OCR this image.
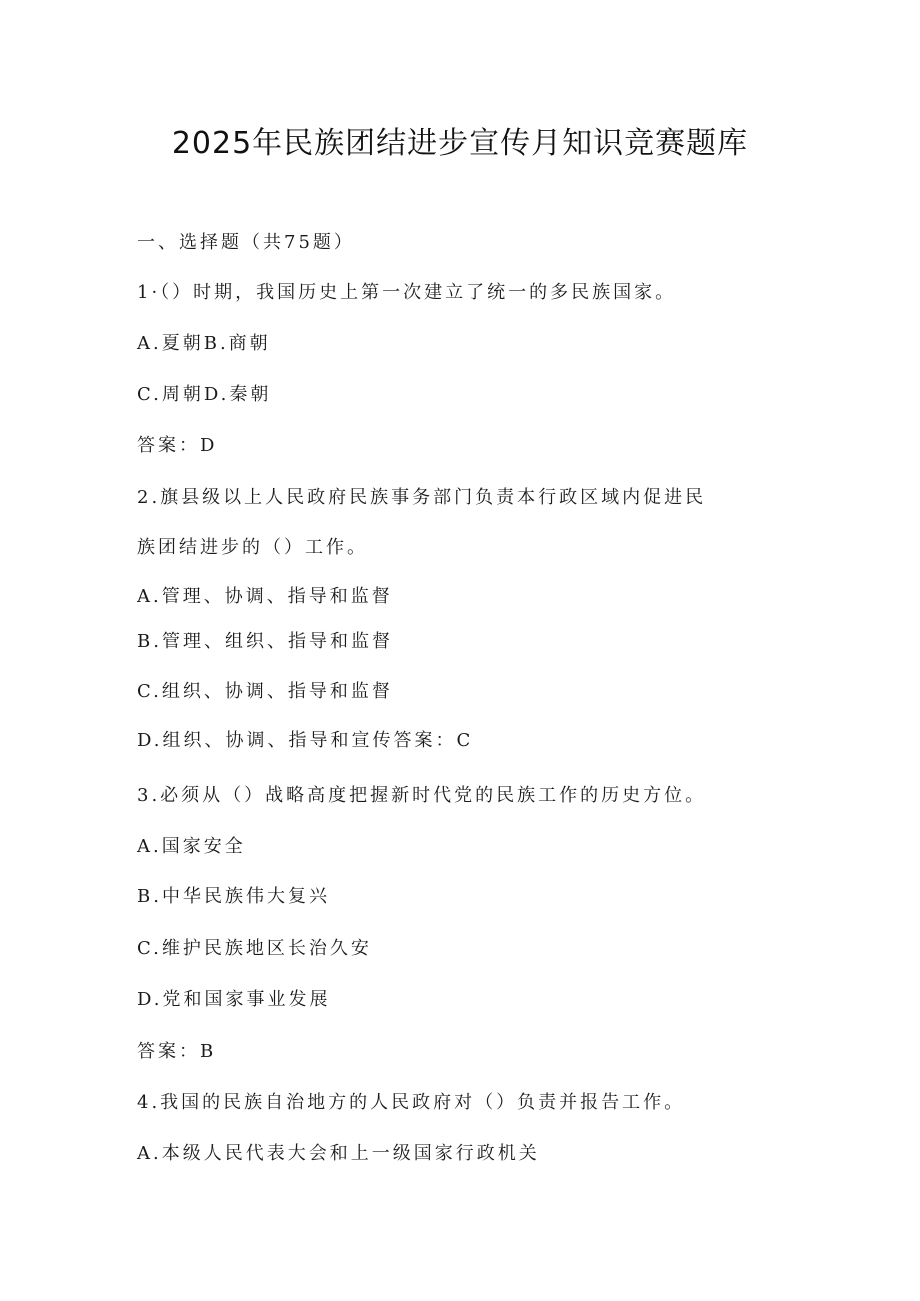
2025年民族团结进步宣传月知识竞赛题库
一、选择题（共75题）
1·（）时期，我国历史上第一次建立了统一的多民族国家。
A.夏朝B.商朝
C.周朝D.秦朝
答案：D
2.旗县级以上人民政府民族事务部门负责本行政区域内促进民
族团结进步的（）工作。
A.管理、协调、指导和监督
B.管理、组织、指导和监督
C.组织、协调、指导和监督
D.组织、协调、指导和宣传答案：C
3.必须从（）战略高度把握新时代党的民族工作的历史方位。
A.国家安全
B.中华民族伟大复兴
C.维护民族地区长治久安
D.党和国家事业发展
答案：B
4.我国的民族自治地方的人民政府对（）负责并报告工作。
A.本级人民代表大会和上一级国家行政机关
